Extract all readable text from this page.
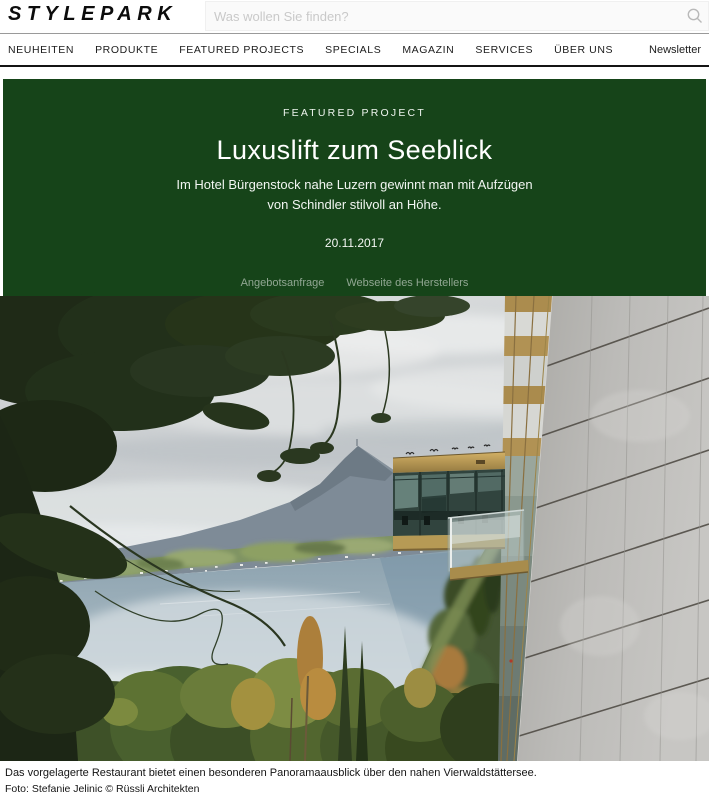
STYLEPARK
Was wollen Sie finden?
NEUHEITEN PRODUKTE FEATURED PROJECTS SPECIALS MAGAZIN SERVICES ÜBER UNS	Newsletter
FEATURED PROJECT
Luxuslift zum Seeblick
Im Hotel Bürgenstock nahe Luzern gewinnt man mit Aufzügen von Schindler stilvoll an Höhe.
20.11.2017
Angebotsanfrage Webseite des Herstellers
Das vorgelagerte Restaurant bietet einen besonderen Panoramaausblick über den nahen Vierwaldstättersee.
Foto: Stefanie Jelinic © Rüssli Architekten
